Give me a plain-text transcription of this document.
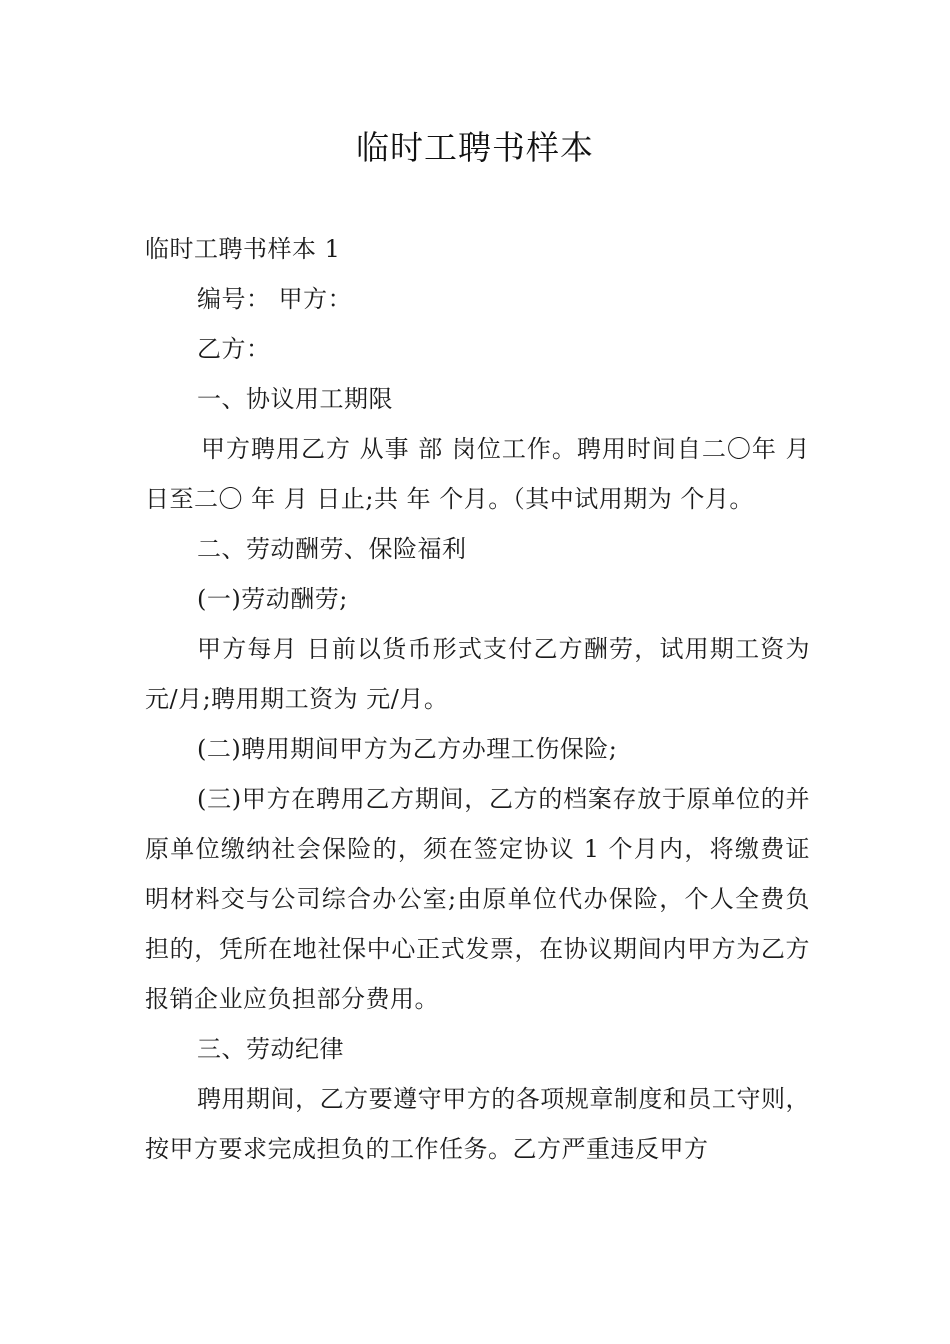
临时工聘书样本

临时工聘书样本 1

编号： 甲方：

乙方：

一、协议用工期限

甲方聘用乙方 从事 部 岗位工作。聘用时间自二〇年 月 日至二〇 年 月 日止;共 年 个月。（其中试用期为 个月。

二、劳动酬劳、保险福利

(一)劳动酬劳;

甲方每月 日前以货币形式支付乙方酬劳，试用期工资为 元/月;聘用期工资为 元/月。

(二)聘用期间甲方为乙方办理工伤保险;

(三)甲方在聘用乙方期间，乙方的档案存放于原单位的并原单位缴纳社会保险的，须在签定协议 1 个月内，将缴费证明材料交与公司综合办公室;由原单位代办保险，个人全费负担的，凭所在地社保中心正式发票，在协议期间内甲方为乙方报销企业应负担部分费用。

三、劳动纪律

聘用期间，乙方要遵守甲方的各项规章制度和员工守则，按甲方要求完成担负的工作任务。乙方严重违反甲方
